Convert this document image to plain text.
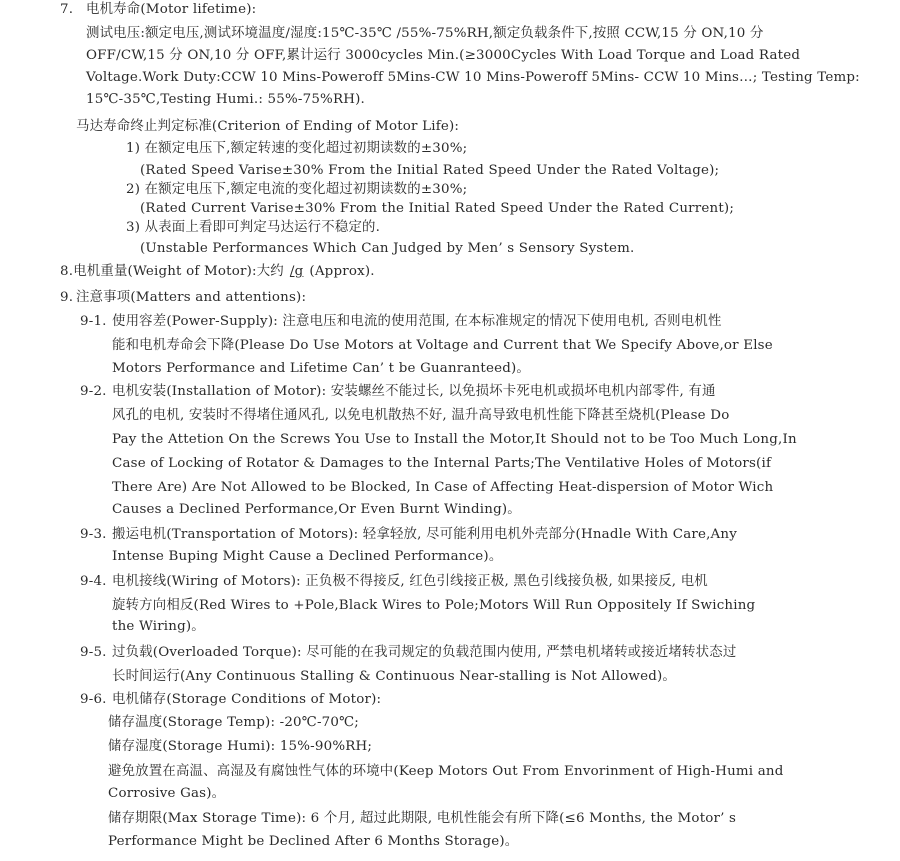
7. 电机寿命(Motor lifetime):
测试电压:额定电压,测试环境温度/湿度:15℃-35℃ /55%-75%RH,额定负载条件下,按照 CCW,15 分 ON,10 分
OFF/CW,15 分 ON,10 分 OFF,累计运行 3000cycles Min.(≥3000Cycles With Load Torque and Load Rated
Voltage.Work Duty:CCW 10 Mins-Poweroff 5Mins-CW 10 Mins-Poweroff 5Mins- CCW 10 Mins…; Testing Temp:
15℃-35℃,Testing Humi.: 55%-75%RH).
马达寿命终止判定标准(Criterion of Ending of Motor Life):
1) 在额定电压下,额定转速的变化超过初期读数的±30%;
(Rated Speed Varise±30% From the Initial Rated Speed Under the Rated Voltage);
2) 在额定电压下,额定电流的变化超过初期读数的±30%;
(Rated Current Varise±30% From the Initial Rated Speed Under the Rated Current);
3) 从表面上看即可判定马达运行不稳定的.
(Unstable Performances Which Can Judged by Men’ s Sensory System.
8.电机重量(Weight of Motor):大约 /g (Approx).
9. 注意事项(Matters and attentions):
9-1. 使用容差(Power-Supply): 注意电压和电流的使用范围, 在本标准规定的情况下使用电机, 否则电机性
能和电机寿命会下降(Please Do Use Motors at Voltage and Current that We Specify Above,or Else
Motors Performance and Lifetime Can’ t be Guanranteed)。
9-2. 电机安装(Installation of Motor): 安装螺丝不能过长, 以免损坏卡死电机或损坏电机内部零件, 有通
风孔的电机, 安装时不得堵住通风孔, 以免电机散热不好, 温升高导致电机性能下降甚至烧机(Please Do
Pay the Attetion On the Screws You Use to Install the Motor,It Should not to be Too Much Long,In
Case of Locking of Rotator & Damages to the Internal Parts;The Ventilative Holes of Motors(if
There Are) Are Not Allowed to be Blocked, In Case of Affecting Heat-dispersion of Motor Wich
Causes a Declined Performance,Or Even Burnt Winding)。
9-3. 搬运电机(Transportation of Motors): 轻拿轻放, 尽可能利用电机外壳部分(Hnadle With Care,Any
Intense Buping Might Cause a Declined Performance)。
9-4. 电机接线(Wiring of Motors): 正负极不得接反, 红色引线接正极, 黑色引线接负极, 如果接反, 电机
旋转方向相反(Red Wires to +Pole,Black Wires to Pole;Motors Will Run Oppositely If Swiching
the Wiring)。
9-5. 过负载(Overloaded Torque): 尽可能的在我司规定的负载范围内使用, 严禁电机堵转或接近堵转状态过
长时间运行(Any Continuous Stalling & Continuous Near-stalling is Not Allowed)。
9-6. 电机储存(Storage Conditions of Motor):
储存温度(Storage Temp): -20℃-70℃;
储存湿度(Storage Humi): 15%-90%RH;
避免放置在高温、高湿及有腐蚀性气体的环境中(Keep Motors Out From Envorinment of High-Humi and
Corrosive Gas)。
储存期限(Max Storage Time): 6 个月, 超过此期限, 电机性能会有所下降(≤6 Months, the Motor’ s
Performance Might be Declined After 6 Months Storage)。
